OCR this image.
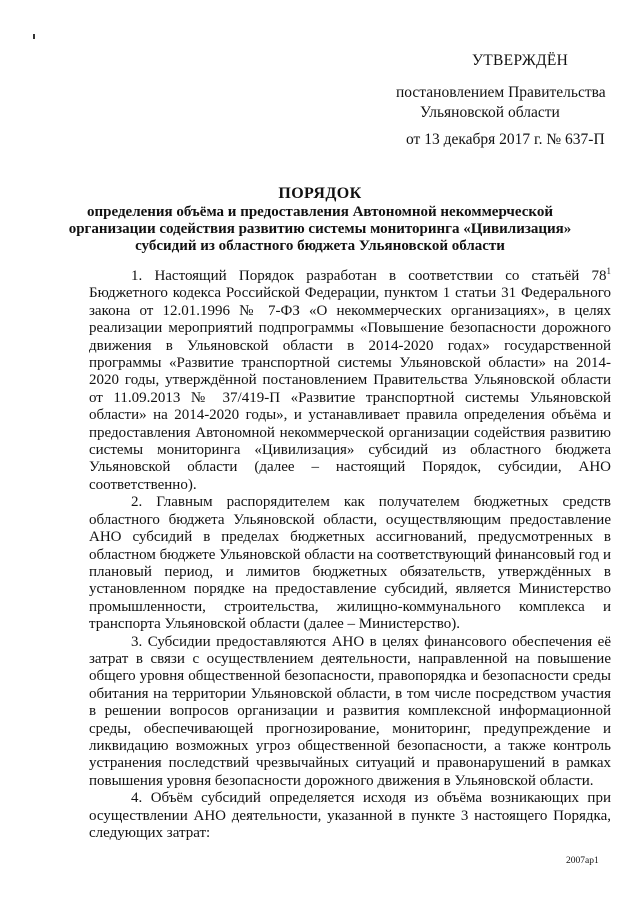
УТВЕРЖДЁН
постановлением Правительства
Ульяновской области
от 13 декабря 2017 г. № 637-П
ПОРЯДОК
определения объёма и предоставления Автономной некоммерческой организации содействия развитию системы мониторинга «Цивилизация» субсидий из областного бюджета Ульяновской области

1. Настоящий Порядок разработан в соответствии со статьёй $78^1$ Бюджетного кодекса Российской Федерации, пунктом 1 статьи 31 Федерального закона от 12.01.1996 № 7-ФЗ «О некоммерческих организациях», в целях реализации мероприятий подпрограммы «Повышение безопасности дорожного движения в Ульяновской области в 2014-2020 годах» государственной программы «Развитие транспортной системы Ульяновской области» на 2014-2020 годы, утверждённой постановлением Правительства Ульяновской области от 11.09.2013 № 37/419-П «Развитие транспортной системы Ульяновской области» на 2014-2020 годы», и устанавливает правила определения объёма и предоставления Автономной некоммерческой организации содействия развитию системы мониторинга «Цивилизация» субсидий из областного бюджета Ульяновской области (далее – настоящий Порядок, субсидии, АНО соответственно).

2. Главным распорядителем как получателем бюджетных средств областного бюджета Ульяновской области, осуществляющим предоставление АНО субсидий в пределах бюджетных ассигнований, предусмотренных в областном бюджете Ульяновской области на соответствующий финансовый год и плановый период, и лимитов бюджетных обязательств, утверждённых в установленном порядке на предоставление субсидий, является Министерство промышленности, строительства, жилищно-коммунального комплекса и транспорта Ульяновской области (далее – Министерство).

3. Субсидии предоставляются АНО в целях финансового обеспечения её затрат в связи с осуществлением деятельности, направленной на повышение общего уровня общественной безопасности, правопорядка и безопасности среды обитания на территории Ульяновской области, в том числе посредством участия в решении вопросов организации и развития комплексной информационной среды, обеспечивающей прогнозирование, мониторинг, предупреждение и ликвидацию возможных угроз общественной безопасности, а также контроль устранения последствий чрезвычайных ситуаций и правонарушений в рамках повышения уровня безопасности дорожного движения в Ульяновской области.

4. Объём субсидий определяется исходя из объёма возникающих при осуществлении АНО деятельности, указанной в пункте 3 настоящего Порядка, следующих затрат:

2007ap1
